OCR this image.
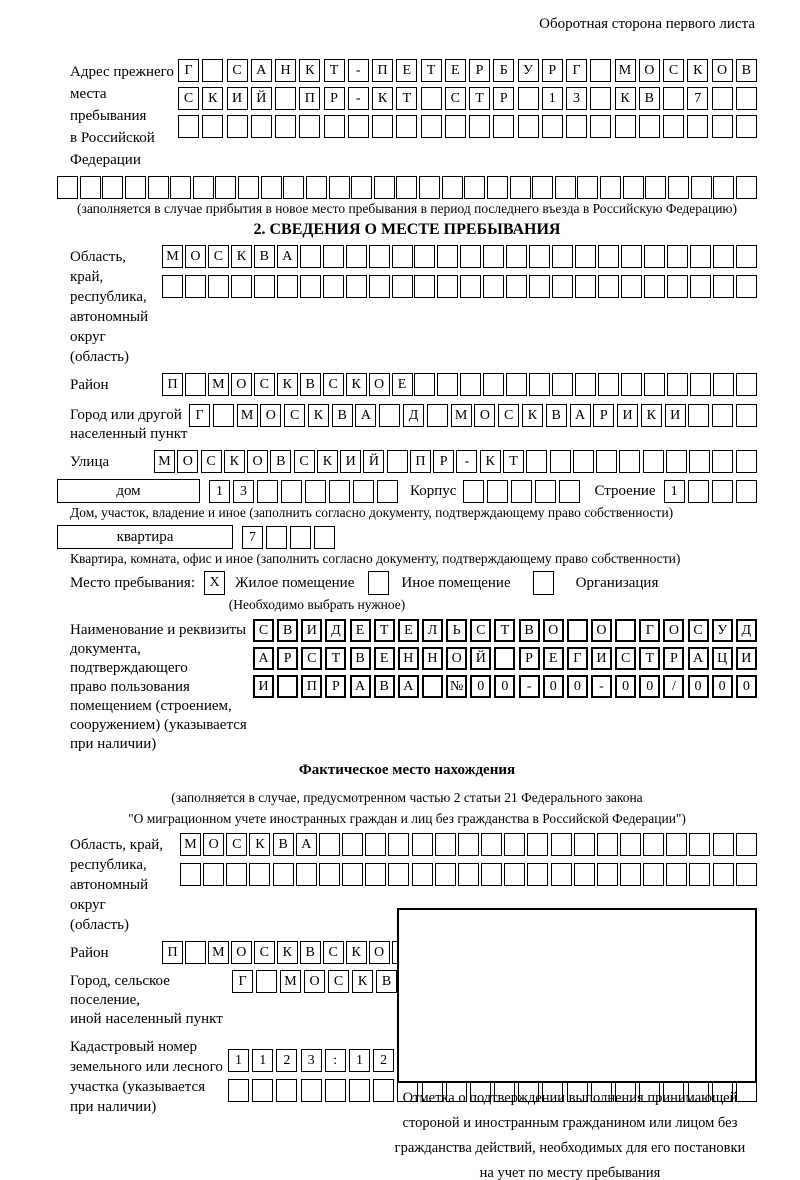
Оборотная сторона первого листа
Адрес прежнего
места пребывания
в Российской
Федерации
Г	С	А	Н	К	Т	-	П	Е	Т	Е	Р	Б	У	Р	Г	М О	С	К	О	В
С	К	И	Й	П	Р	-	К	Т	С	Т	Р	1	3	К	В	7
(заполняется в случае прибытия в новое место пребывания в период последнего въезда в Российскую Федерацию)
2. СВЕДЕНИЯ О МЕСТЕ ПРЕБЫВАНИЯ
Область, край,
республика,
автономный
округ (область)
М О С К В А
Район	П	М О С К В С К О Е
Город или другой
населенный пункт
Г	М О	С	К	В	А	Д	М О	С	К	В	А	Р	И	К	И
Улица	М О С К О В С К И Й	П	Р	-	К	Т
дом	1	3	Корпус	Строение	1
Дом, участок, владение и иное (заполнить согласно документу, подтверждающему право собственности)
квартира	7
Квартира, комната, офис и иное (заполнить согласно документу, подтверждающему право собственности)
Место пребывания:	X	Жилое помещение	Иное помещение	Организация
(Необходимо выбрать нужное)
Наименование и реквизиты
документа, подтверждающего
право пользования
помещением (строением,
сооружением) (указывается
при наличии)
С	В	И	Д	Е	Т	Е	Л	Ь	С	Т	В	О	О	Г	О	С	У	Д
А	Р	С	Т	В	Е	Н	Н	О	Й	Р	Е	Г	И	С	Т	Р	А	Ц	И
И	П	Р	А	В	А	№ 0	0	-	0	0	-	0	0	/	0	0	0
Фактическое место нахождения
(заполняется в случае, предусмотренном частью 2 статьи 21 Федерального закона
"О миграционном учете иностранных граждан и лиц без гражданства в Российской Федерации")
Область, край,
республика,
автономный округ
(область)
М О С К В А
Район	П	М О С К В С К О
Город, сельское поселение,
иной населенный пункт
Г	М О	С	К	В
Кадастровый номер
земельного или лесного
участка (указывается
при наличии)
1	1	2	3	:	1	2
Отметка о подтверждении выполнения принимающей
стороной и иностранным гражданином или лицом без
гражданства действий, необходимых для его постановки
на учет по месту пребывания
